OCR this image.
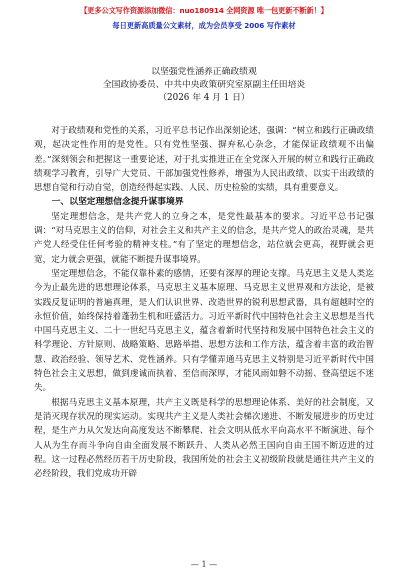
【更多公文写作资源添加微信：nuo180914 全网资源 唯一包更新不断新！】
每日更新高质量公文素材，成为会员享受 2006 写作素材
以坚强党性涵养正确政绩观
全国政协委员、中共中央政策研究室原副主任田培炎
（2026 年 4 月 1 日）

对于政绩观和党性的关系，习近平总书记作出深刻论述，强调：“树立和践行正确政绩观，起决定性作用的是党性。只有党性坚强、摒弃私心杂念，才能保证政绩观不出偏差。”深刻领会和把握这一重要论述，对于扎实推进正在全党深入开展的树立和践行正确政绩观学习教育，引导广大党员、干部加强党性修养，增强为人民出政绩、以实干出政绩的思想自觉和行动自觉，创造经得起实践、人民、历史检验的实绩，具有重要意义。

一、以坚定理想信念提升谋事境界

坚定理想信念，是共产党人的立身之本，是党性最基本的要求。习近平总书记强调：“对马克思主义的信仰，对社会主义和共产主义的信念，是共产党人的政治灵魂，是共产党人经受住任何考验的精神支柱。”有了坚定的理想信念，站位就会更高，视野就会更宽，定力就会更强，就能不断提升谋事境界。

坚定理想信念，不能仅靠朴素的感情，还要有深厚的理论支撑。马克思主义是人类迄今为止最先进的思想理论体系，马克思主义基本原理、马克思主义世界观和方法论，是被实践反复证明的普遍真理，是人们认识世界、改造世界的锐利思想武器，具有超越时空的永恒价值，始终保持着蓬勃生机和旺盛活力。习近平新时代中国特色社会主义思想是当代中国马克思主义、二十一世纪马克思主义，蕴含着新时代坚持和发展中国特色社会主义的科学理论、方针原则、战略策略、思路举措、思想方法和工作方法，蕴含着丰富的政治智慧、政治经验、领导艺术、党性涵养。只有学懂弄通马克思主义特别是习近平新时代中国特色社会主义思想，做到虔诚而执着、至信而深厚，才能风雨如磐不动摇、登高望远不迷失。

根据马克思主义基本原理，共产主义既是科学的思想理论体系、美好的社会制度，又是消灭现存状况的现实运动。实现共产主义是人类社会梯次递进、不断发展进步的历史过程，是生产力从欠发达向高度发达不断攀爬、社会文明从低水平向高水平不断演进、每个人从为生存而斗争向自由全面发展不断跃升、人类从必然王国向自由王国不断迈进的过程。这一过程必然经历若干历史阶段，我国所处的社会主义初级阶段就是通往共产主义的必经阶段，我们党成功开辟

— 1 —
